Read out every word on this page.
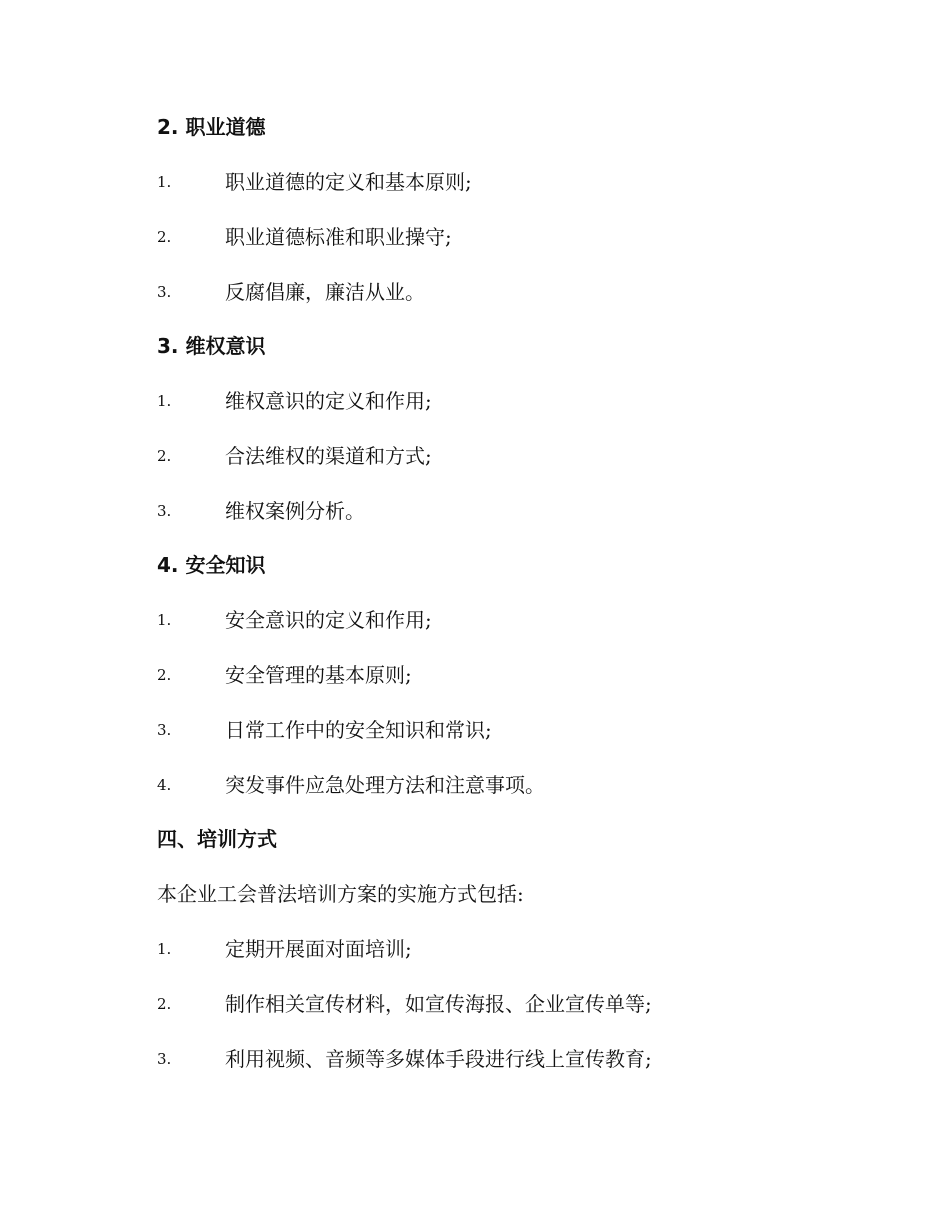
2. 职业道德
1.	职业道德的定义和基本原则;
2.	职业道德标准和职业操守;
3.	反腐倡廉，廉洁从业。
3. 维权意识
1.	维权意识的定义和作用;
2.	合法维权的渠道和方式;
3.	维权案例分析。
4. 安全知识
1.	安全意识的定义和作用;
2.	安全管理的基本原则;
3.	日常工作中的安全知识和常识;
4.	突发事件应急处理方法和注意事项。
四、培训方式
本企业工会普法培训方案的实施方式包括:
1.	定期开展面对面培训;
2.	制作相关宣传材料，如宣传海报、企业宣传单等;
3.	利用视频、音频等多媒体手段进行线上宣传教育;
